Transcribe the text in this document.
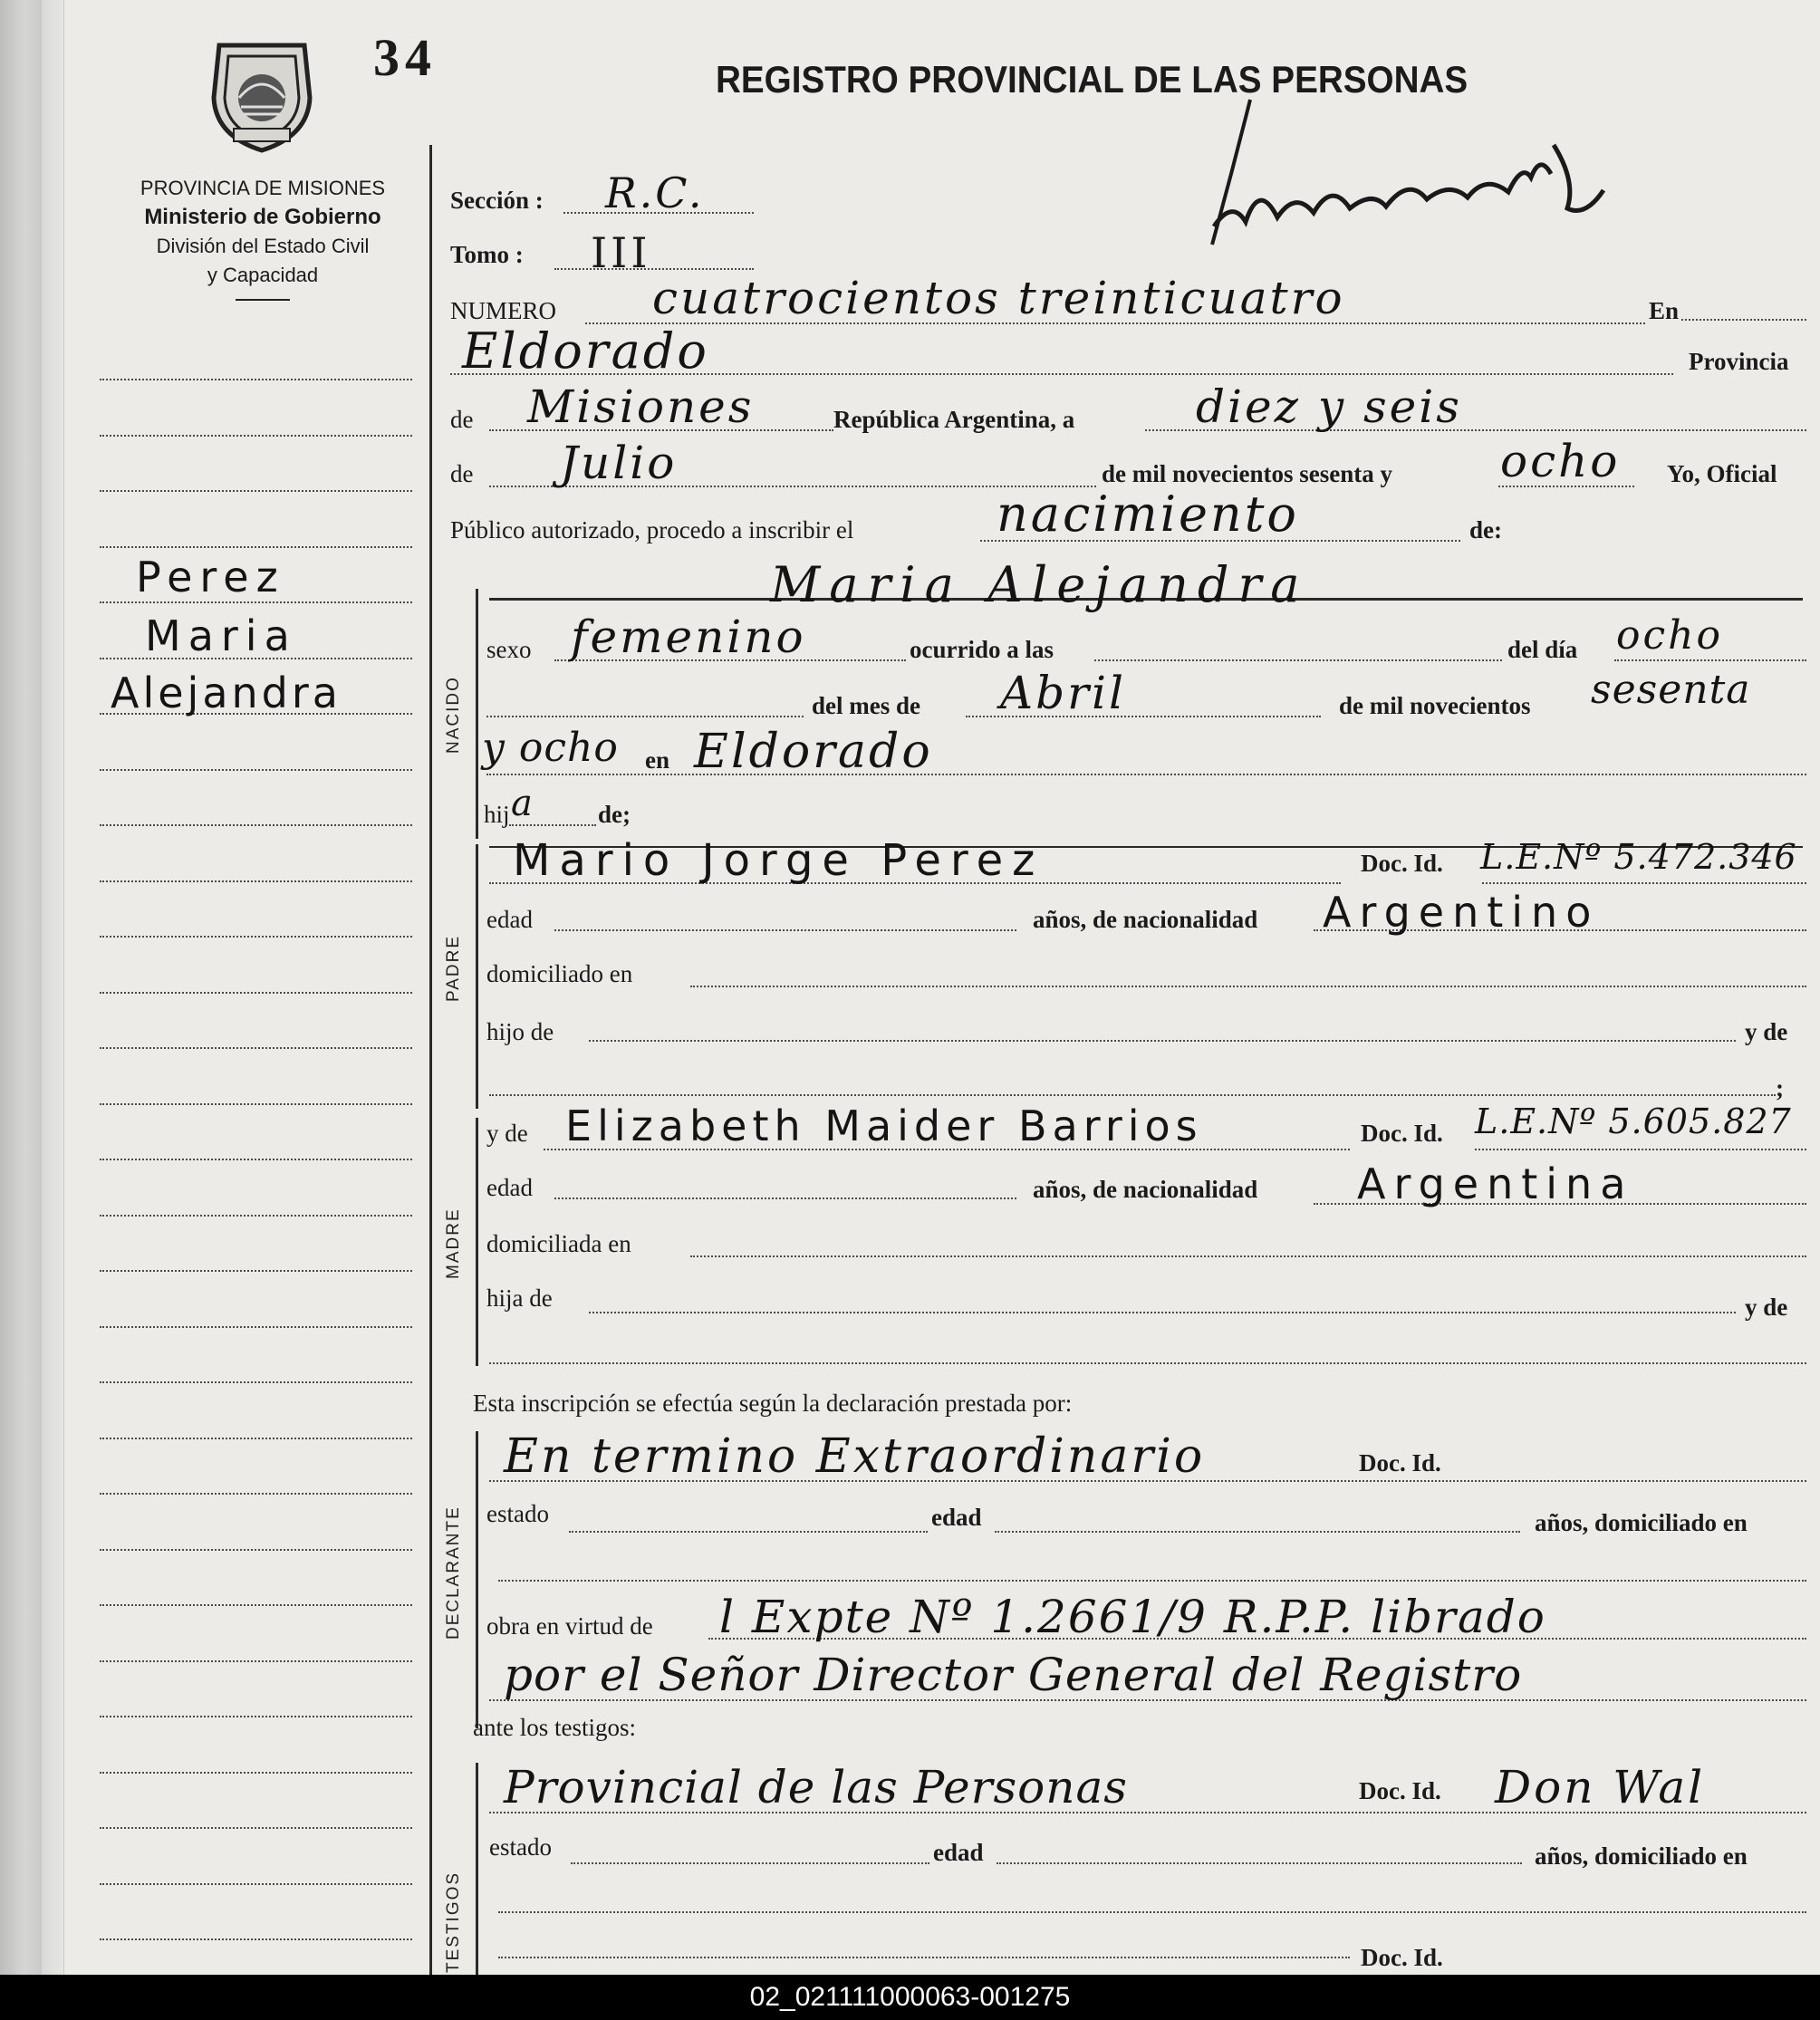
34	REGISTRO PROVINCIAL DE LAS PERSONAS
PROVINCIA DE MISIONES
Ministerio de Gobierno
División del Estado Civil
y Capacidad
Perez
Maria
Alejandra
Sección : R.C.
Tomo : III
NUMERO cuatrocientos treinticuatro	En
Eldorado	Provincia
de Misiones	República Argentina, a	diez y seis
de Julio	de mil novecientos sesenta y ocho Yo, Oficial
Público autorizado, procedo a inscribir el	nacimiento	de:
NACIDO
Maria Alejandra
sexo femenino	ocurrido a las	del día ocho
del mes de Abril	de mil novecientos sesenta
y ocho en Eldorado
hij a	de;
PADRE
Mario Jorge Perez	Doc. Id. L.E.Nº 5.472.346
edad	años, de nacionalidad Argentino
domiciliado en
hijo de	y de
;
MADRE
y de Elizabeth Maider Barrios	Doc. Id. L.E.Nº 5.605.827
edad	años, de nacionalidad Argentina
domiciliada en
hija de	y de
Esta inscripción se efectúa según la declaración prestada por:
DECLARANTE
En termino Extraordinario	Doc. Id.
estado	edad	años, domiciliado en
obra en virtud de l Expte Nº 1.2661/9 R.P.P. librado
por el Señor Director General del Registro
ante los testigos:
TESTIGOS
Provincial de las Personas	Doc. Id. Don Wal
estado	edad	años, domiciliado en
Doc. Id.
02_021111000063-001275
